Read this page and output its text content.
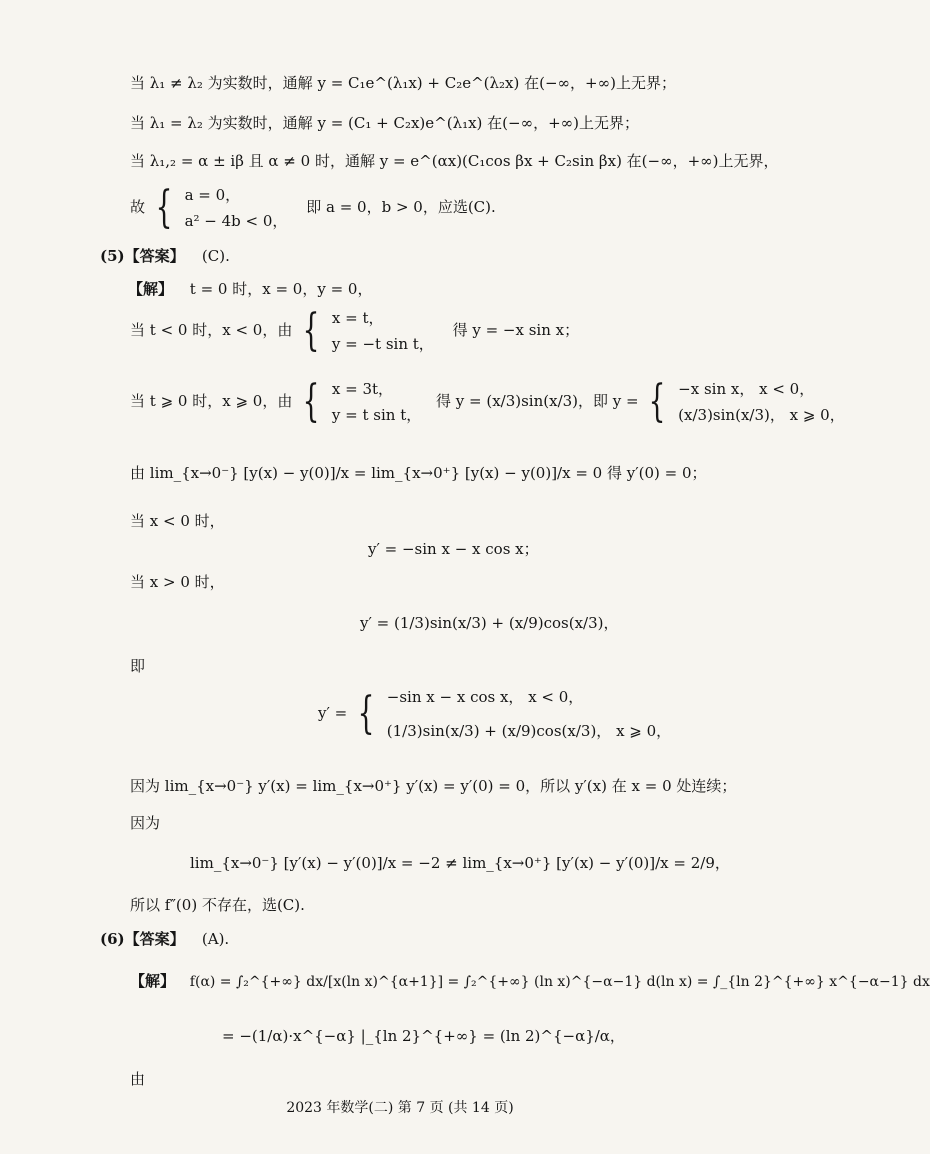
当 λ₁ ≠ λ₂ 为实数时，通解 y = C₁e^(λ₁x) + C₂e^(λ₂x) 在(−∞，+∞)上无界；
当 λ₁ = λ₂ 为实数时，通解 y = (C₁ + C₂x)e^(λ₁x) 在(−∞，+∞)上无界；
当 λ₁,₂ = α ± iβ 且 α ≠ 0 时，通解 y = e^(αx)(C₁cos βx + C₂sin βx) 在(−∞，+∞)上无界，
故 { a = 0，
a² − 4b < 0，
即 a = 0，b > 0，应选(C).
(5)【答案】 (C).
【解】 t = 0 时，x = 0，y = 0，
当 t < 0 时，x < 0，由 { x = t，
y = −t sin t，
得 y = −x sin x；
当 t ⩾ 0 时，x ⩾ 0，由 { x = 3t，
y = t sin t，
得 y = (x/3)sin(x/3)，即 y = { −x sin x， x < 0，
(x/3)sin(x/3)， x ⩾ 0，
由 lim_{x→0⁻} [y(x) − y(0)]/x = lim_{x→0⁺} [y(x) − y(0)]/x = 0 得 y′(0) = 0；
当 x < 0 时，
y′ = −sin x − x cos x；
当 x > 0 时，
y′ = (1/3)sin(x/3) + (x/9)cos(x/3)，
即
y′ = { −sin x − x cos x， x < 0，
(1/3)sin(x/3) + (x/9)cos(x/3)， x ⩾ 0，
因为 lim_{x→0⁻} y′(x) = lim_{x→0⁺} y′(x) = y′(0) = 0，所以 y′(x) 在 x = 0 处连续；
因为
lim_{x→0⁻} [y′(x) − y′(0)]/x = −2 ≠ lim_{x→0⁺} [y′(x) − y′(0)]/x = 2/9，
所以 f″(0) 不存在，选(C).
(6)【答案】 (A).
【解】 f(α) = ∫₂^{+∞} dx/[x(ln x)^{α+1}] = ∫₂^{+∞} (ln x)^{−α−1} d(ln x) = ∫_{ln 2}^{+∞} x^{−α−1} dx
= −(1/α)·x^{−α} |_{ln 2}^{+∞} = (ln 2)^{−α}/α，
由
2023 年数学(二) 第 7 页 (共 14 页)
